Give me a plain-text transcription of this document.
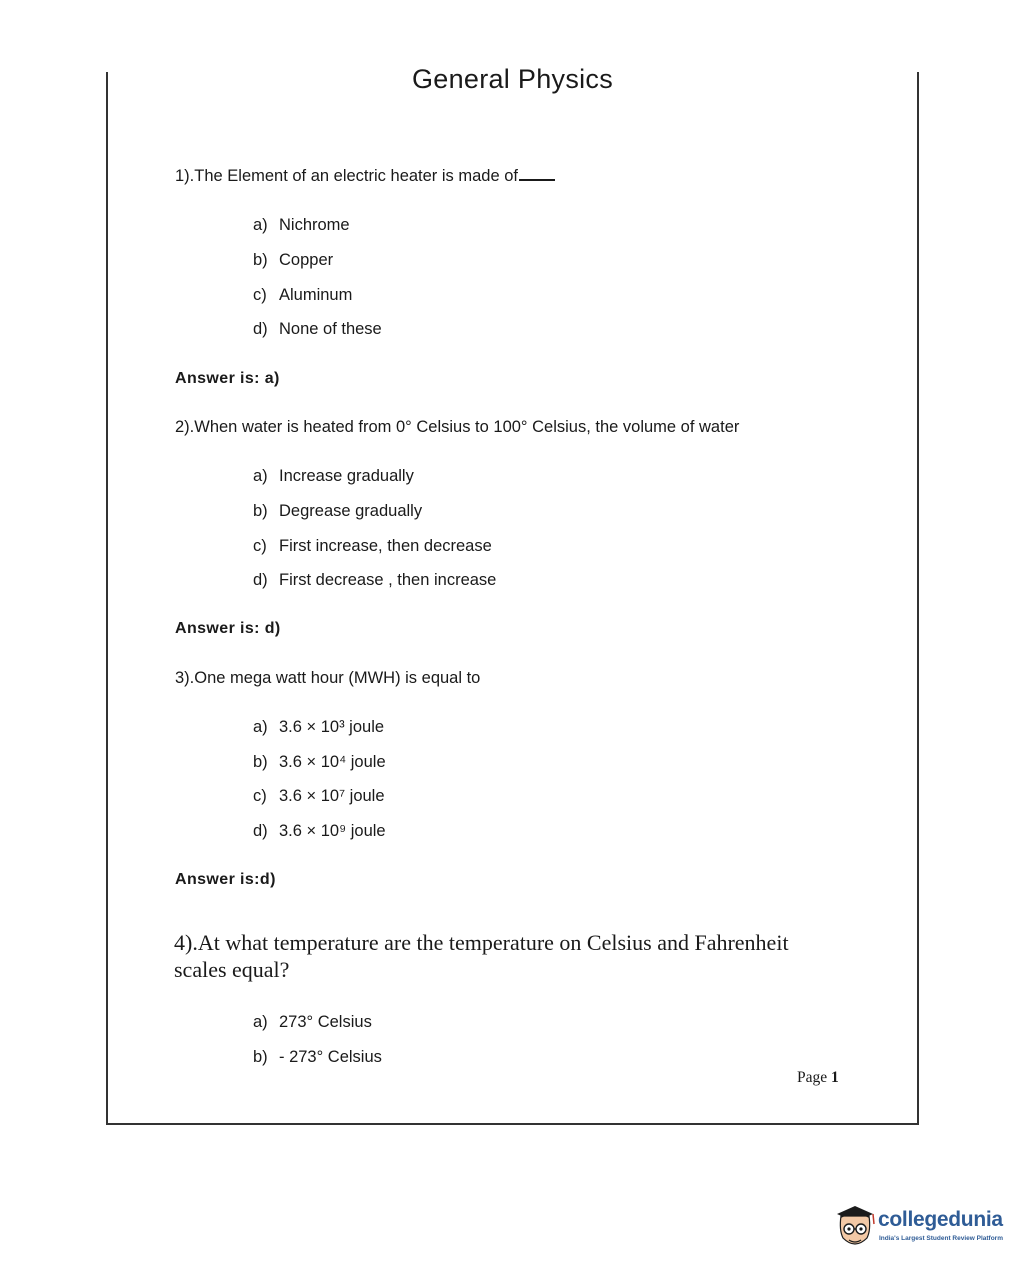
General Physics
1).The Element of an electric heater is made of
a) Nichrome
b) Copper
c) Aluminum
d) None of these
Answer is: a)
2).When water is heated from 0° Celsius to 100° Celsius, the volume of water
a) Increase gradually
b) Degrease gradually
c) First increase, then decrease
d) First decrease , then increase
Answer is: d)
3).One mega watt hour (MWH) is equal to
a) 3.6 × 10³ joule
b) 3.6 × 10⁴ joule
c) 3.6 × 10⁷ joule
d) 3.6 × 10⁹ joule
Answer is:d)
4).At what temperature are the temperature on Celsius and Fahrenheit scales equal?
a) 273° Celsius
b) - 273° Celsius
Page 1
collegedunia
India's Largest Student Review Platform
